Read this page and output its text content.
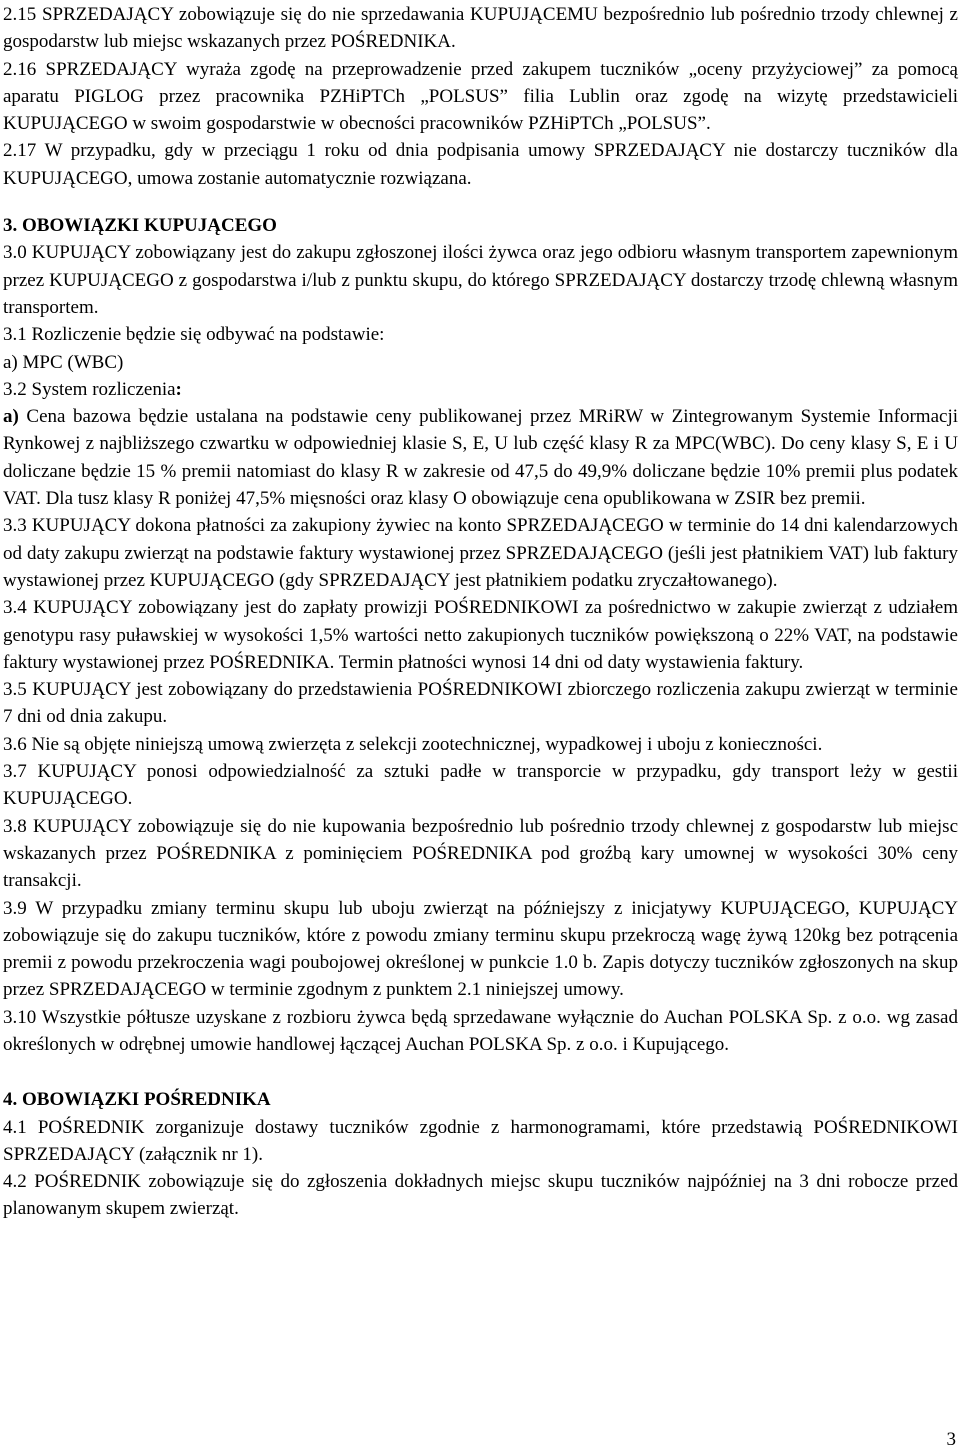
2.15 SPRZEDAJĄCY zobowiązuje się do nie sprzedawania KUPUJĄCEMU bezpośrednio lub pośrednio trzody chlewnej z gospodarstw lub miejsc wskazanych przez POŚREDNIKA.

2.16 SPRZEDAJĄCY wyraża zgodę na przeprowadzenie przed zakupem tuczników „oceny przyżyciowej” za pomocą aparatu PIGLOG przez pracownika PZHiPTCh „POLSUS” filia Lublin oraz zgodę na wizytę przedstawicieli KUPUJĄCEGO w swoim gospodarstwie w obecności pracowników PZHiPTCh „POLSUS”.

2.17 W przypadku, gdy w przeciągu 1 roku od dnia podpisania umowy SPRZEDAJĄCY nie dostarczy tuczników dla KUPUJĄCEGO, umowa zostanie automatycznie rozwiązana.

3. OBOWIĄZKI KUPUJĄCEGO

3.0 KUPUJĄCY zobowiązany jest do zakupu zgłoszonej ilości żywca oraz jego odbioru własnym transportem zapewnionym przez KUPUJĄCEGO z gospodarstwa i/lub z punktu skupu, do którego SPRZEDAJĄCY dostarczy trzodę chlewną własnym transportem.

3.1 Rozliczenie będzie się odbywać na podstawie:

a) MPC (WBC)

3.2 System rozliczenia:

a) Cena bazowa będzie ustalana na podstawie ceny publikowanej przez MRiRW w Zintegrowanym Systemie Informacji Rynkowej z najbliższego czwartku w odpowiedniej klasie S, E, U lub część klasy R za MPC(WBC). Do ceny klasy S, E i U doliczane będzie 15 % premii natomiast do klasy R w zakresie od 47,5 do 49,9% doliczane będzie 10% premii plus podatek VAT. Dla tusz klasy R poniżej 47,5% mięsności oraz klasy O obowiązuje cena opublikowana w ZSIR bez premii.

3.3 KUPUJĄCY dokona płatności za zakupiony żywiec na konto SPRZEDAJĄCEGO w terminie do 14 dni kalendarzowych od daty zakupu zwierząt na podstawie faktury wystawionej przez SPRZEDAJĄCEGO (jeśli jest płatnikiem VAT) lub faktury wystawionej przez KUPUJĄCEGO (gdy SPRZEDAJĄCY jest płatnikiem podatku zryczałtowanego).

3.4 KUPUJĄCY zobowiązany jest do zapłaty prowizji POŚREDNIKOWI za pośrednictwo w zakupie zwierząt z udziałem genotypu rasy puławskiej w wysokości 1,5% wartości netto zakupionych tuczników powiększoną o 22% VAT, na podstawie faktury wystawionej przez POŚREDNIKA. Termin płatności wynosi 14 dni od daty wystawienia faktury.

3.5 KUPUJĄCY jest zobowiązany do przedstawienia POŚREDNIKOWI zbiorczego rozliczenia zakupu zwierząt w terminie 7 dni od dnia zakupu.

3.6 Nie są objęte niniejszą umową zwierzęta z selekcji zootechnicznej, wypadkowej i uboju z konieczności.

3.7 KUPUJĄCY ponosi odpowiedzialność za sztuki padłe w transporcie w przypadku, gdy transport leży w gestii KUPUJĄCEGO.

3.8 KUPUJĄCY zobowiązuje się do nie kupowania bezpośrednio lub pośrednio trzody chlewnej z gospodarstw lub miejsc wskazanych przez POŚREDNIKA z pominięciem POŚREDNIKA pod groźbą kary umownej w wysokości 30% ceny transakcji.

3.9 W przypadku zmiany terminu skupu lub uboju zwierząt na późniejszy z inicjatywy KUPUJĄCEGO, KUPUJĄCY zobowiązuje się do zakupu tuczników, które z powodu zmiany terminu skupu przekroczą wagę żywą 120kg bez potrącenia premii z powodu przekroczenia wagi poubojowej określonej w punkcie 1.0 b. Zapis dotyczy tuczników zgłoszonych na skup przez SPRZEDAJĄCEGO w terminie zgodnym z punktem 2.1 niniejszej umowy.

3.10 Wszystkie półtusze uzyskane z rozbioru żywca będą sprzedawane wyłącznie do Auchan POLSKA Sp. z o.o. wg zasad określonych w odrębnej umowie handlowej łączącej Auchan POLSKA Sp. z o.o. i Kupującego.

4. OBOWIĄZKI POŚREDNIKA

4.1 POŚREDNIK zorganizuje dostawy tuczników zgodnie z harmonogramami, które przedstawią POŚREDNIKOWI SPRZEDAJĄCY (załącznik nr 1).

4.2 POŚREDNIK zobowiązuje się do zgłoszenia dokładnych miejsc skupu tuczników najpóźniej na 3 dni robocze przed planowanym skupem zwierząt.

3
